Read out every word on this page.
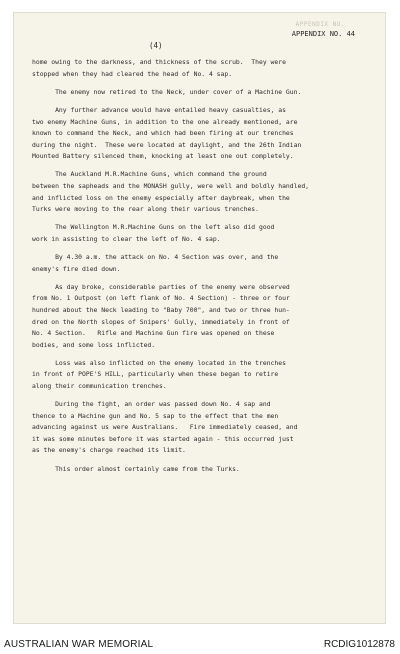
APPENDIX NO.
APPENDIX NO. 44
(4)

home owing to the darkness, and thickness of the scrub.  They were
stopped when they had cleared the head of No. 4 sap.

The enemy now retired to the Neck, under cover of a Machine Gun.

Any further advance would have entailed heavy casualties, as
two enemy Machine Guns, in addition to the one already mentioned, are
known to command the Neck, and which had been firing at our trenches
during the night.  These were located at daylight, and the 26th Indian
Mounted Battery silenced them, knocking at least one out completely.

The Auckland M.R.Machine Guns, which command the ground
between the sapheads and the MONASH gully, were well and boldly handled,
and inflicted loss on the enemy especially after daybreak, when the
Turks were moving to the rear along their various trenches.

The Wellington M.R.Machine Guns on the left also did good
work in assisting to clear the left of No. 4 sap.

By 4.30 a.m. the attack on No. 4 Section was over, and the
enemy's fire died down.

As day broke, considerable parties of the enemy were observed
from No. 1 Outpost (on left flank of No. 4 Section) - three or four
hundred about the Neck leading to "Baby 700", and two or three hun-
dred on the North slopes of Snipers' Gully, immediately in front of
No. 4 Section.   Rifle and Machine Gun fire was opened on these
bodies, and some loss inflicted.

Loss was also inflicted on the enemy located in the trenches
in front of POPE'S HILL, particularly when these began to retire
along their communication trenches.

During the fight, an order was passed down No. 4 sap and
thence to a Machine gun and No. 5 sap to the effect that the men
advancing against us were Australians.   Fire immediately ceased, and
it was some minutes before it was started again - this occurred just
as the enemy's charge reached its limit.

This order almost certainly came from the Turks.

AUSTRALIAN WAR MEMORIAL	RCDIG1012878
